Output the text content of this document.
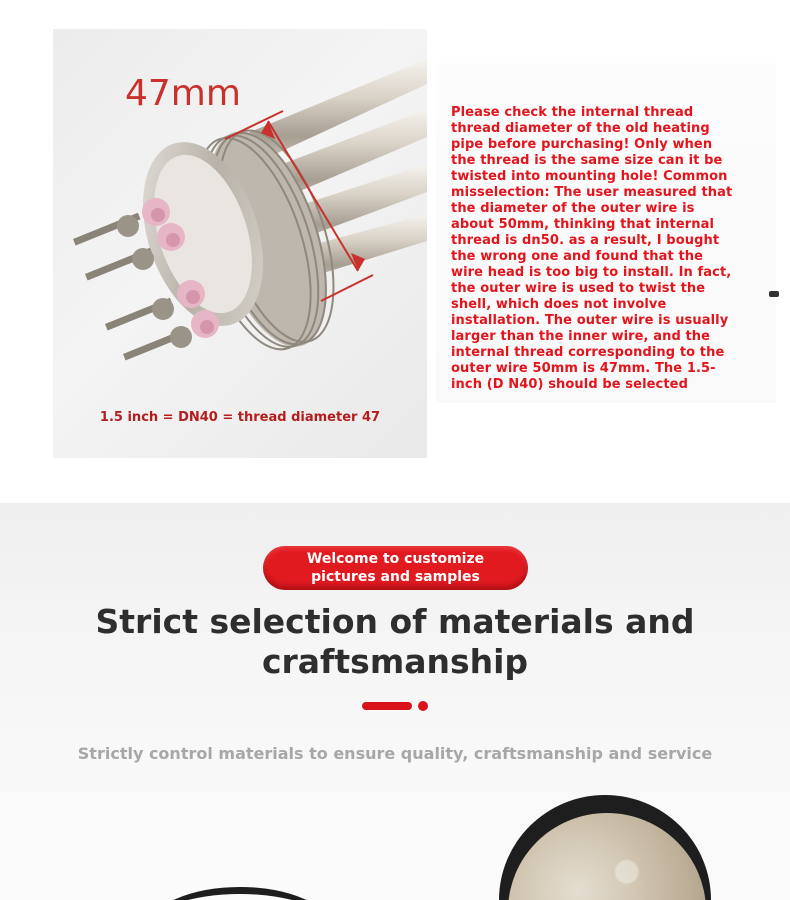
47mm
1.5 inch = DN40 = thread diameter 47
Please check the internal thread thread diameter of the old heating pipe before purchasing! Only when the thread is the same size can it be twisted into mounting hole! Common misselection: The user measured that the diameter of the outer wire is about 50mm, thinking that internal thread is dn50. as a result, I bought the wrong one and found that the wire head is too big to install. In fact, the outer wire is used to twist the shell, which does not involve installation. The outer wire is usually larger than the inner wire, and the internal thread corresponding to the outer wire 50mm is 47mm. The 1.5-inch (D N40) should be selected
Welcome to customize pictures and samples
Strict selection of materials and craftsmanship
Strictly control materials to ensure quality, craftsmanship and service
